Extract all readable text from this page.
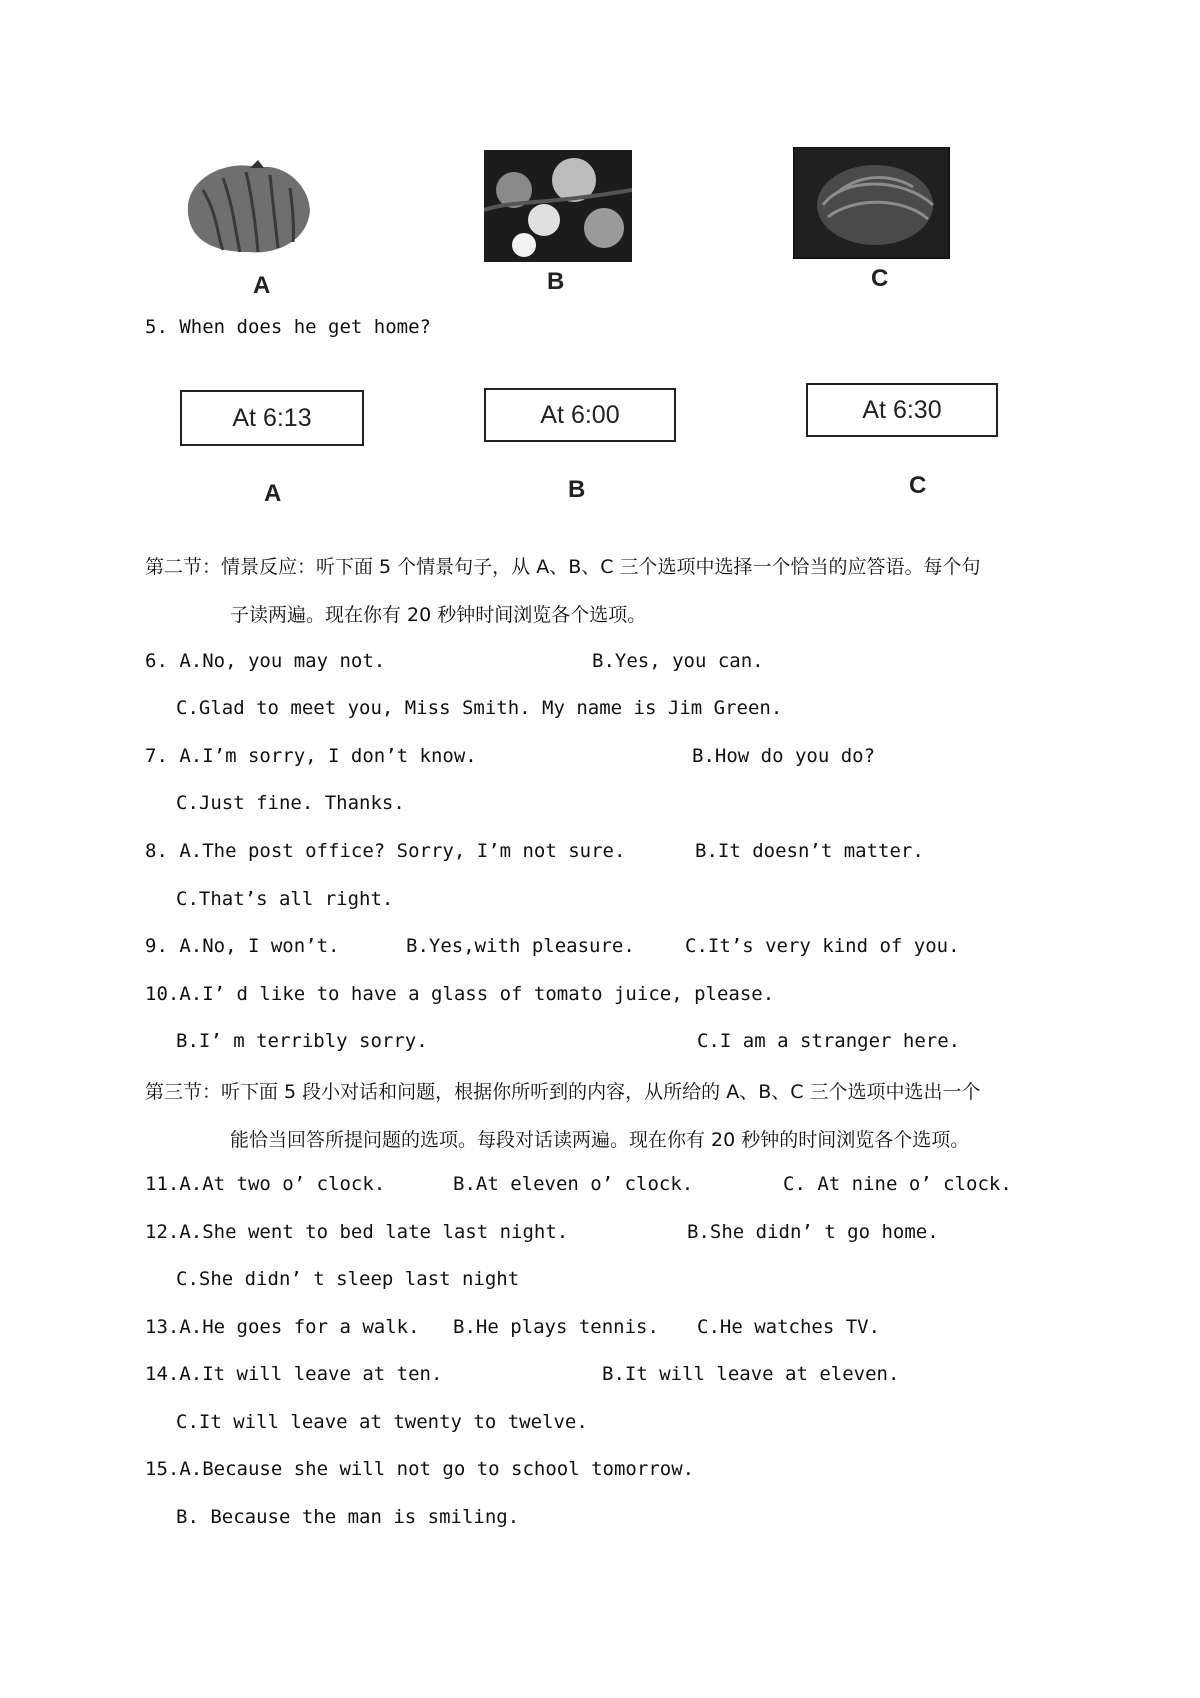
A	B	C
5. When does he get home?
At 6:13
A
At 6:00
B
At 6:30
C
第二节：情景反应：听下面 5 个情景句子，从 A、B、C 三个选项中选择一个恰当的应答语。每个句
子读两遍。现在你有 20 秒钟时间浏览各个选项。
6. A.No, you may not.	B.Yes, you can.
C.Glad to meet you, Miss Smith. My name is Jim Green.
7. A.I’m sorry, I don’t know.	B.How do you do?
C.Just fine. Thanks.
8. A.The post office? Sorry, I’m not sure.	B.It doesn’t matter.
C.That’s all right.
9. A.No, I won’t.	B.Yes,with pleasure.	C.It’s very kind of you.
10.A.I’ d like to have a glass of tomato juice, please.
B.I’ m terribly sorry.	C.I am a stranger here.
第三节：听下面 5 段小对话和问题，根据你所听到的内容，从所给的 A、B、C 三个选项中选出一个
能恰当回答所提问题的选项。每段对话读两遍。现在你有 20 秒钟的时间浏览各个选项。
11.A.At two o’ clock.	B.At eleven o’ clock.	C. At nine o’ clock.
12.A.She went to bed late last night.	B.She didn’ t go home.
C.She didn’ t sleep last night
13.A.He goes for a walk. B.He plays tennis. C.He watches TV.
14.A.It will leave at ten.	B.It will leave at eleven.
C.It will leave at twenty to twelve.
15.A.Because she will not go to school tomorrow.
B. Because the man is smiling.
